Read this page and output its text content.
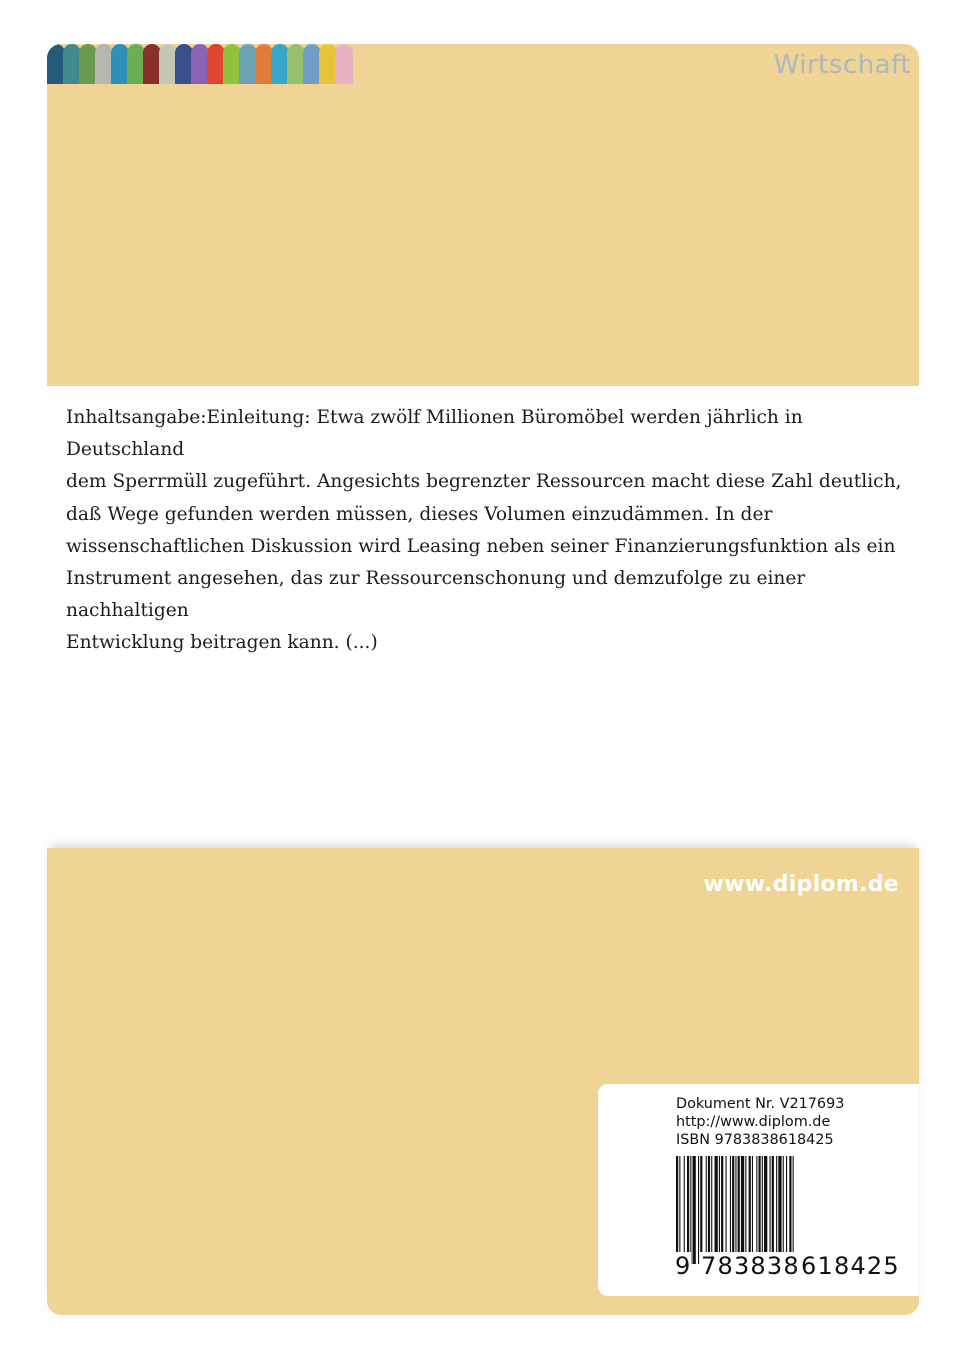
Wirtschaft

Inhaltsangabe:Einleitung: Etwa zwölf Millionen Büromöbel werden jährlich in Deutschland
dem Sperrmüll zugeführt. Angesichts begrenzter Ressourcen macht diese Zahl deutlich,
daß Wege gefunden werden müssen, dieses Volumen einzudämmen. In der
wissenschaftlichen Diskussion wird Leasing neben seiner Finanzierungsfunktion als ein
Instrument angesehen, das zur Ressourcenschonung und demzufolge zu einer nachhaltigen
Entwicklung beitragen kann. (...)

www.diplom.de
Dokument Nr. V217693
http://www.diplom.de
ISBN 9783838618425
9 783838 618425
